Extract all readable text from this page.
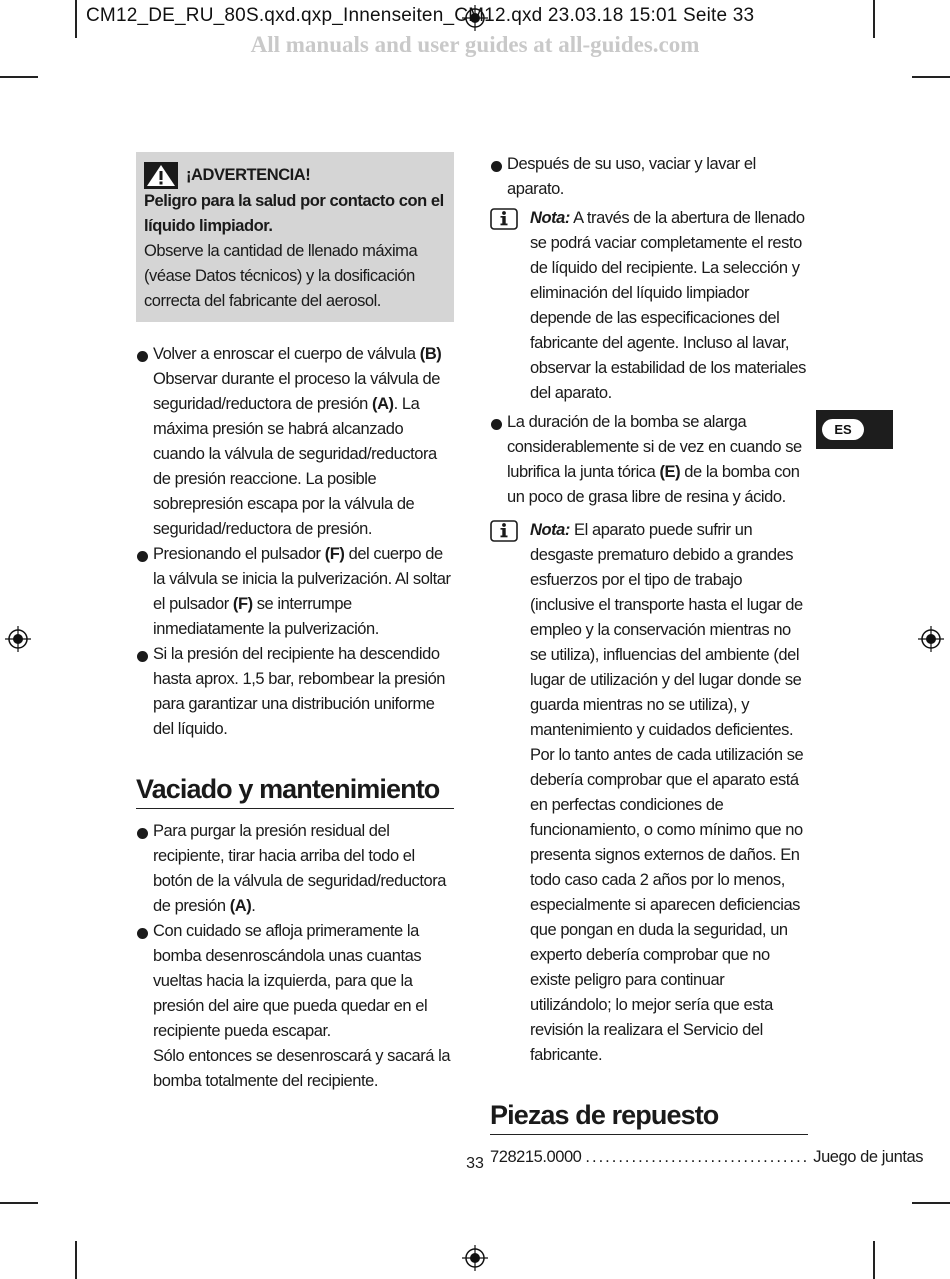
CM12_DE_RU_80S.qxd.qxp_Innenseiten_CM12.qxd 23.03.18 15:01 Seite 33
All manuals and user guides at all-guides.com
ES
¡ADVERTENCIA!
Peligro para la salud por contacto con el líquido limpiador.
Observe la cantidad de llenado máxima (véase Datos técnicos) y la dosificación correcta del fabricante del aerosol.
Volver a enroscar el cuerpo de válvula (B) Observar durante el proceso la válvula de seguridad/reductora de presión (A). La máxima presión se habrá alcanzado cuando la válvula de seguridad/reductora de presión reaccione. La posible sobrepresión escapa por la válvula de seguridad/reductora de presión.
Presionando el pulsador (F) del cuerpo de la válvula se inicia la pulverización. Al soltar el pulsador (F) se interrumpe inmediatamente la pulverización.
Si la presión del recipiente ha descendido hasta aprox. 1,5 bar, rebombear la presión para garantizar una distribución uniforme del líquido.
Vaciado y mantenimiento
Para purgar la presión residual del recipiente, tirar hacia arriba del todo el botón de la válvula de seguridad/reductora de presión (A).
Con cuidado se afloja primeramente la bomba desenroscándola unas cuantas vueltas hacia la izquierda, para que la presión del aire que pueda quedar en el recipiente pueda escapar.
Sólo entonces se desenroscará y sacará la bomba totalmente del recipiente.
Después de su uso, vaciar y lavar el aparato.
Nota: A través de la abertura de llenado se podrá vaciar completamente el resto de líquido del recipiente. La selección y eliminación del líquido limpiador depende de las especificaciones del fabricante del agente. Incluso al lavar, observar la estabilidad de los materiales del aparato.
La duración de la bomba se alarga considerablemente si de vez en cuando se lubrifica la junta tórica (E) de la bomba con un poco de grasa libre de resina y ácido.
Nota: El aparato puede sufrir un desgaste prematuro debido a grandes esfuerzos por el tipo de trabajo (inclusive el transporte hasta el lugar de empleo y la conservación mientras no se utiliza), influencias del ambiente (del lugar de utilización y del lugar donde se guarda mientras no se utiliza), y mantenimiento y cuidados deficientes. Por lo tanto antes de cada utilización se debería comprobar que el aparato está en perfectas condiciones de funcionamiento, o como mínimo que no presenta signos externos de daños. En todo caso cada 2 años por lo menos, especialmente si aparecen deficiencias que pongan en duda la seguridad, un experto debería comprobar que no existe peligro para continuar utilizándolo; lo mejor sería que esta revisión la realizara el Servicio del fabricante.
Piezas de repuesto
728215.0000 .................................. Juego de juntas
33
